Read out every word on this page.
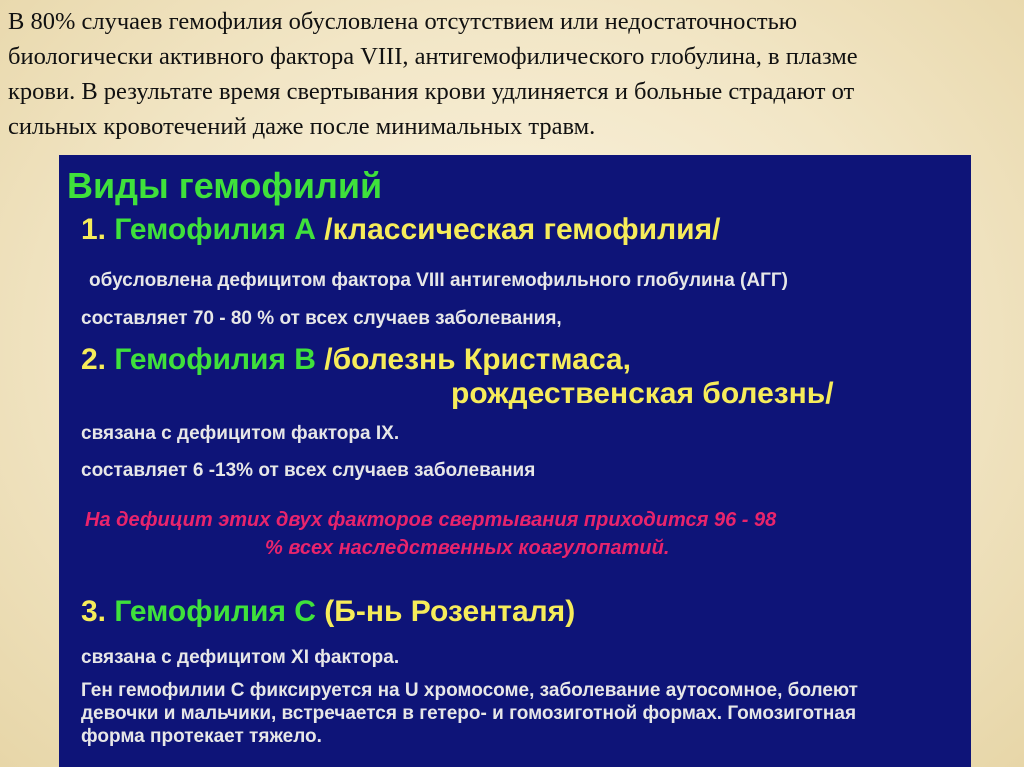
В 80% случаев гемофилия обусловлена отсутствием или недостаточностью
биологически активного фактора VIII, антигемофилического глобулина, в плазме
крови. В результате время свертывания крови удлиняется и больные страдают от
сильных кровотечений даже после минимальных травм.
Виды гемофилий
1. Гемофилия А /классическая гемофилия/
обусловлена дефицитом фактора VIII антигемофильного глобулина (АГГ)
составляет 70 - 80 % от всех случаев заболевания,
2. Гемофилия В /болезнь Кристмаса,
рождественская болезнь/
связана с дефицитом фактора IX.
составляет 6 -13% от всех случаев заболевания
На дефицит этих двух факторов свертывания приходится 96 - 98
% всех наследственных коагулопатий.
3. Гемофилия С (Б-нь Розенталя)
связана с дефицитом XI фактора.
Ген гемофилии С фиксируется на U хромосоме, заболевание аутосомное, болеют
девочки и мальчики, встречается в гетеро- и гомозиготной формах. Гомозиготная
форма протекает тяжело.
